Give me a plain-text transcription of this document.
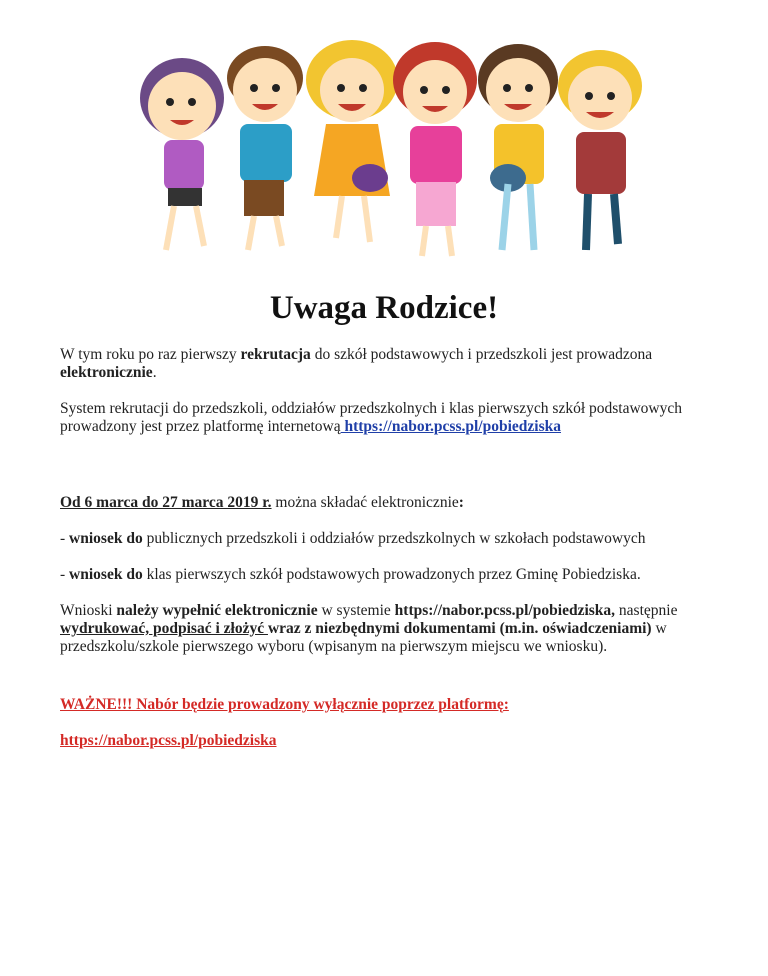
Uwaga Rodzice!

W tym roku po raz pierwszy rekrutacja do szkół podstawowych i przedszkoli jest prowadzona elektronicznie.

System rekrutacji do przedszkoli, oddziałów przedszkolnych i klas pierwszych szkół podstawowych prowadzony jest przez platformę internetową https://nabor.pcss.pl/pobiedziska

Od 6 marca do 27 marca 2019 r. można składać elektronicznie:

- wniosek do publicznych przedszkoli i oddziałów przedszkolnych w szkołach podstawowych

- wniosek do klas pierwszych szkół podstawowych prowadzonych przez Gminę Pobiedziska.

Wnioski należy wypełnić elektronicznie w systemie https://nabor.pcss.pl/pobiedziska, następnie wydrukować, podpisać i złożyć wraz z niezbędnymi dokumentami (m.in. oświadczeniami) w przedszkolu/szkole pierwszego wyboru (wpisanym na pierwszym miejscu we wniosku).

WAŻNE!!! Nabór będzie prowadzony wyłącznie poprzez platformę:

https://nabor.pcss.pl/pobiedziska
